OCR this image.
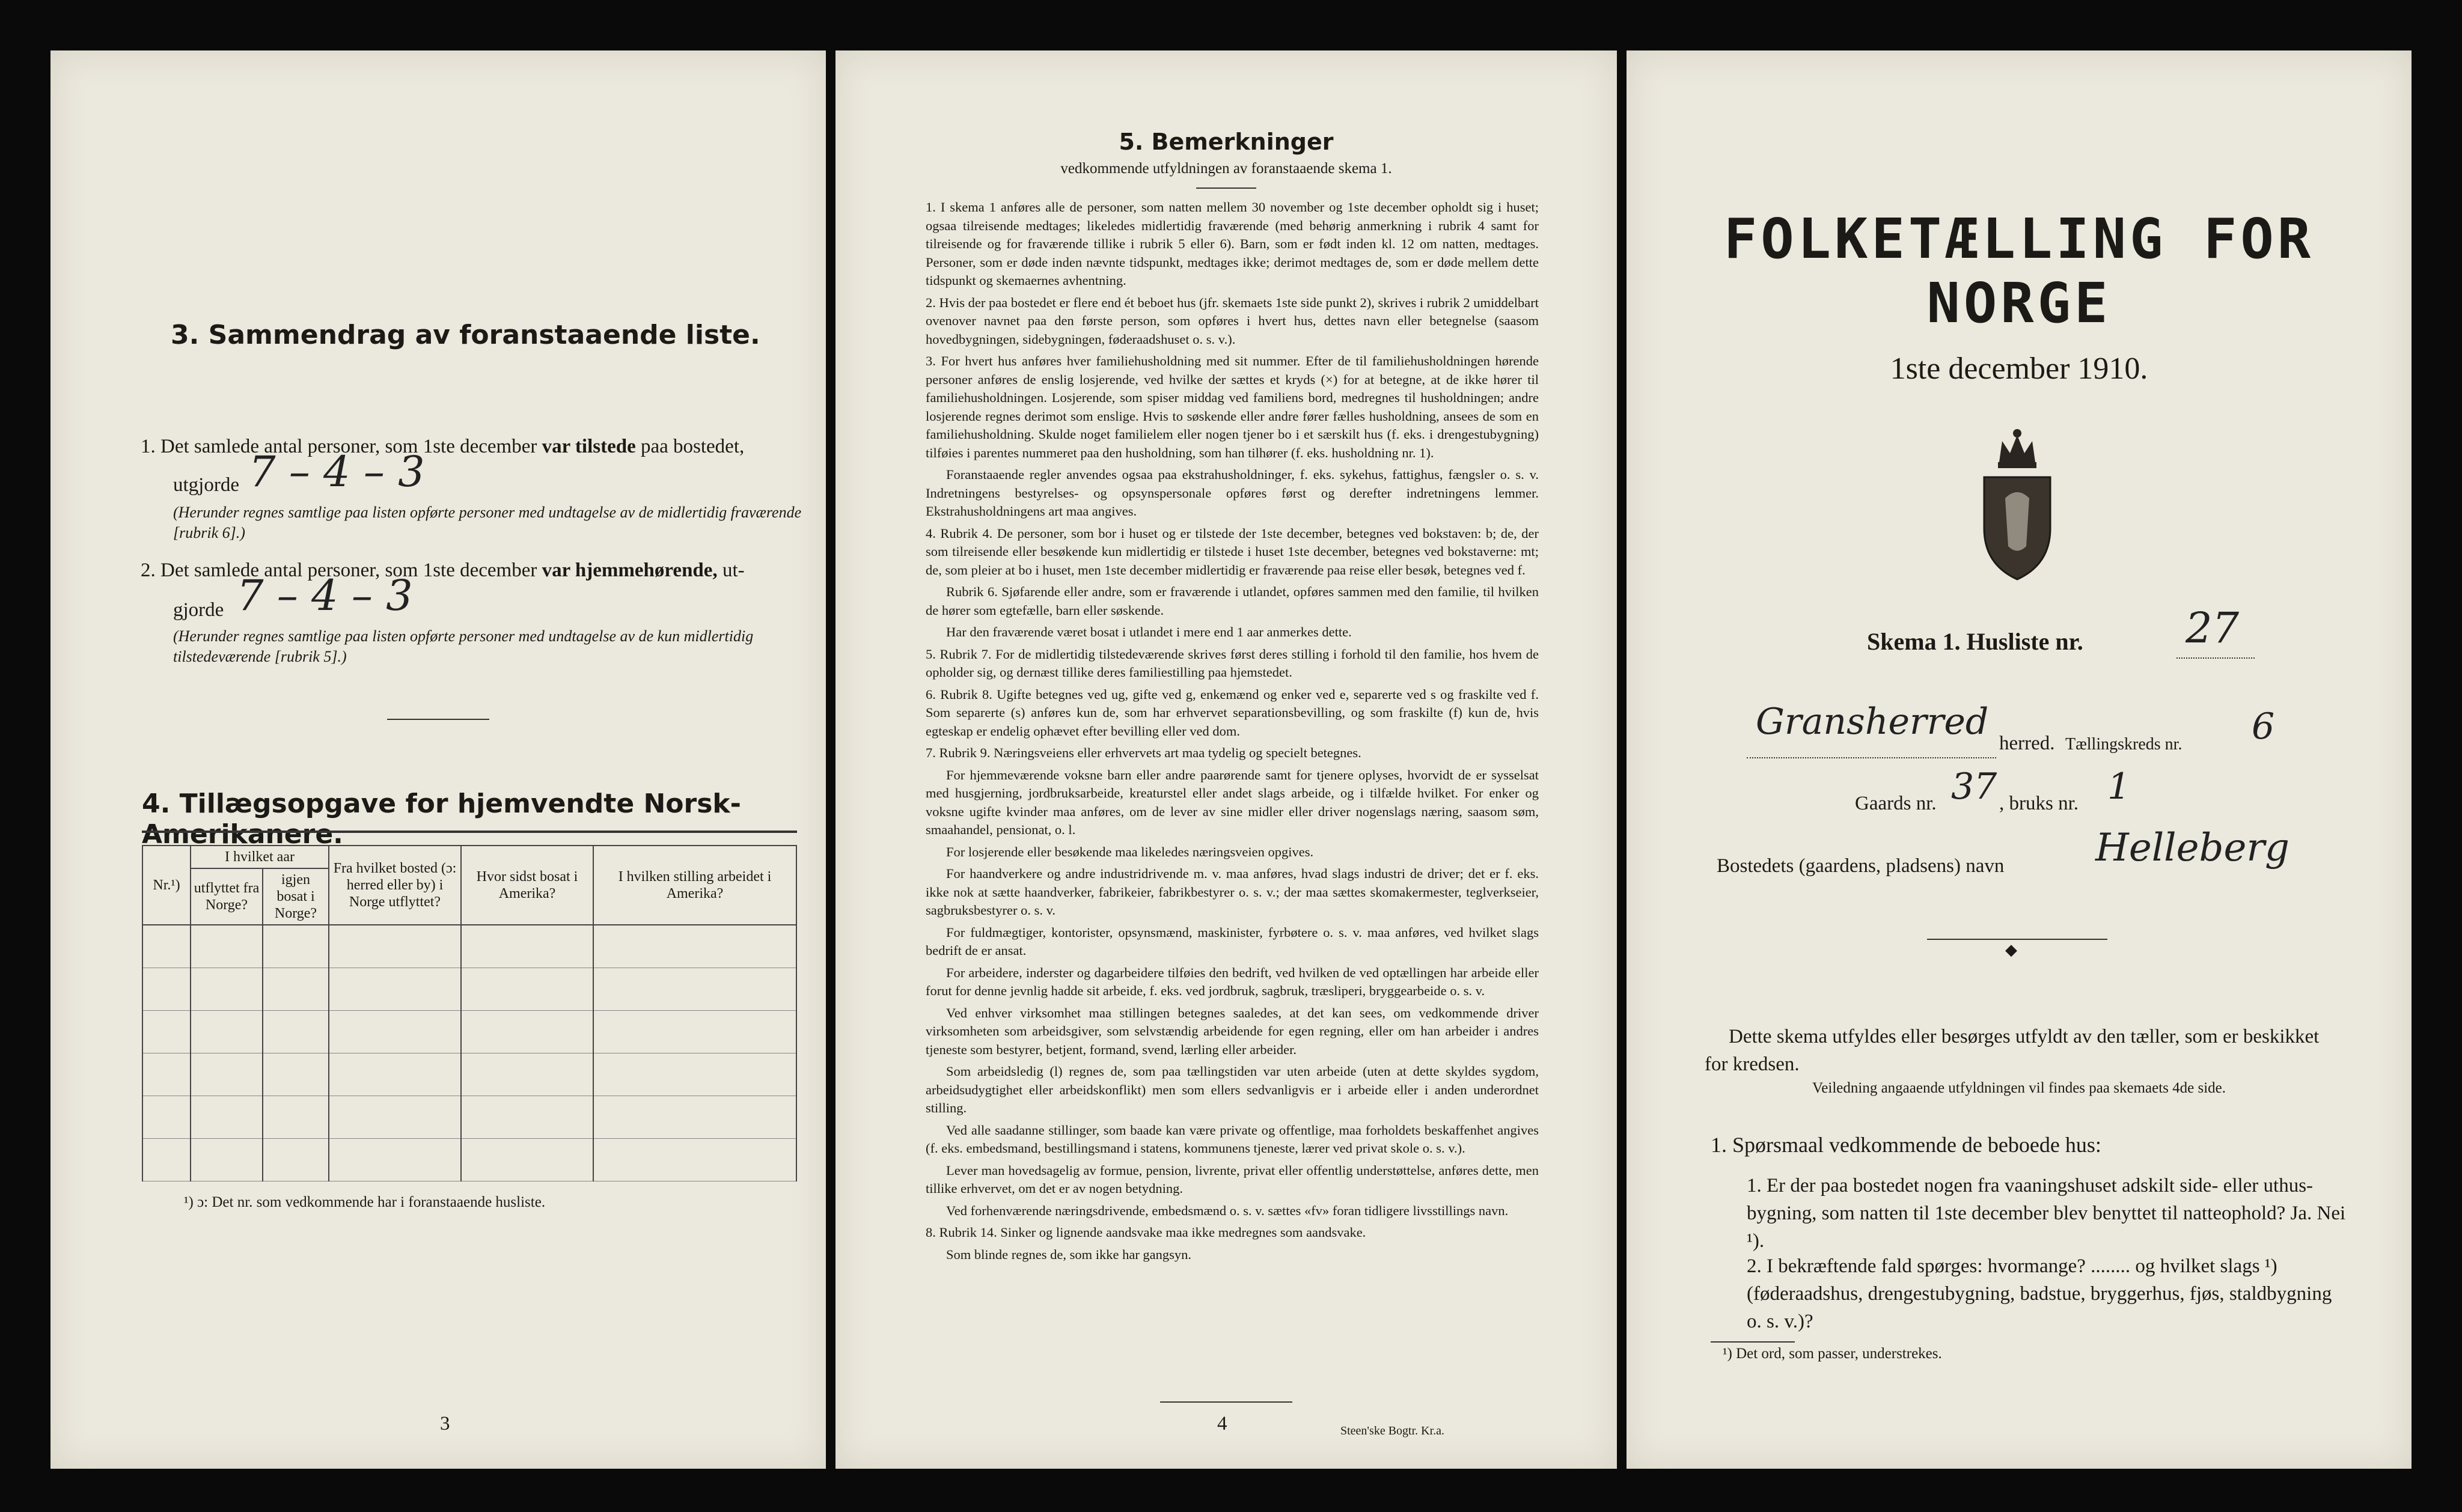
3. Sammendrag av foranstaaende liste.
1. Det samlede antal personer, som 1ste december var tilstede paa bostedet,
utgjorde 7 – 4 – 3
(Herunder regnes samtlige paa listen opførte personer med undtagelse av de midlertidig fraværende [rubrik 6].)
2. Det samlede antal personer, som 1ste december var hjemmehørende, ut-
gjorde 7 – 4 – 3
(Herunder regnes samtlige paa listen opførte personer med undtagelse av de kun midlertidig tilstedeværende [rubrik 5].)
4. Tillægsopgave for hjemvendte Norsk-Amerikanere.
Nr.¹)	I hvilket aar		Fra hvilket bosted (ɔ: herred eller by) i Norge utflyttet?	Hvor sidst bosat i Amerika?	I hvilken stilling arbeidet i Amerika?
	utflyttet fra Norge?	igjen bosat i Norge?			

¹) ɔ: Det nr. som vedkommende har i foranstaaende husliste.
3
5. Bemerkninger
vedkommende utfyldningen av foranstaaende skema 1.

1. I skema 1 anføres alle de personer, som natten mellem 30 november og 1ste december opholdt sig i huset; ogsaa tilreisende medtages; likeledes midlertidig fraværende (med behørig anmerkning i rubrik 4 samt for tilreisende og for fraværende tillike i rubrik 5 eller 6). Barn, som er født inden kl. 12 om natten, medtages. Personer, som er døde inden nævnte tidspunkt, medtages ikke; derimot medtages de, som er døde mellem dette tidspunkt og skemaernes avhentning.

2. Hvis der paa bostedet er flere end ét beboet hus (jfr. skemaets 1ste side punkt 2), skrives i rubrik 2 umiddelbart ovenover navnet paa den første person, som opføres i hvert hus, dettes navn eller betegnelse (saasom hovedbygningen, sidebygningen, føderaadshuset o. s. v.).

3. For hvert hus anføres hver familiehusholdning med sit nummer. Efter de til familiehusholdningen hørende personer anføres de enslig losjerende, ved hvilke der sættes et kryds (×) for at betegne, at de ikke hører til familiehusholdningen. Losjerende, som spiser middag ved familiens bord, medregnes til husholdningen; andre losjerende regnes derimot som enslige. Hvis to søskende eller andre fører fælles husholdning, ansees de som en familiehusholdning. Skulde noget familielem eller nogen tjener bo i et særskilt hus (f. eks. i drengestubygning) tilføies i parentes nummeret paa den husholdning, som han tilhører (f. eks. husholdning nr. 1).

Foranstaaende regler anvendes ogsaa paa ekstrahusholdninger, f. eks. sykehus, fattighus, fængsler o. s. v. Indretningens bestyrelses- og opsynspersonale opføres først og derefter indretningens lemmer. Ekstrahusholdningens art maa angives.

4. Rubrik 4. De personer, som bor i huset og er tilstede der 1ste december, betegnes ved bokstaven: b; de, der som tilreisende eller besøkende kun midlertidig er tilstede i huset 1ste december, betegnes ved bokstaverne: mt; de, som pleier at bo i huset, men 1ste december midlertidig er fraværende paa reise eller besøk, betegnes ved f.

Rubrik 6. Sjøfarende eller andre, som er fraværende i utlandet, opføres sammen med den familie, til hvilken de hører som egtefælle, barn eller søskende.

Har den fraværende været bosat i utlandet i mere end 1 aar anmerkes dette.

5. Rubrik 7. For de midlertidig tilstedeværende skrives først deres stilling i forhold til den familie, hos hvem de opholder sig, og dernæst tillike deres familiestilling paa hjemstedet.

6. Rubrik 8. Ugifte betegnes ved ug, gifte ved g, enkemænd og enker ved e, separerte ved s og fraskilte ved f. Som separerte (s) anføres kun de, som har erhvervet separationsbevilling, og som fraskilte (f) kun de, hvis egteskap er endelig ophævet efter bevilling eller ved dom.

7. Rubrik 9. Næringsveiens eller erhvervets art maa tydelig og specielt betegnes.

For hjemmeværende voksne barn eller andre paarørende samt for tjenere oplyses, hvorvidt de er sysselsat med husgjerning, jordbruksarbeide, kreaturstel eller andet slags arbeide, og i tilfælde hvilket. For enker og voksne ugifte kvinder maa anføres, om de lever av sine midler eller driver nogenslags næring, saasom søm, smaahandel, pensionat, o. l.

For losjerende eller besøkende maa likeledes næringsveien opgives.

For haandverkere og andre industridrivende m. v. maa anføres, hvad slags industri de driver; det er f. eks. ikke nok at sætte haandverker, fabrikeier, fabrikbestyrer o. s. v.; der maa sættes skomakermester, teglverkseier, sagbruksbestyrer o. s. v.

For fuldmægtiger, kontorister, opsynsmænd, maskinister, fyrbøtere o. s. v. maa anføres, ved hvilket slags bedrift de er ansat.

For arbeidere, inderster og dagarbeidere tilføies den bedrift, ved hvilken de ved optællingen har arbeide eller forut for denne jevnlig hadde sit arbeide, f. eks. ved jordbruk, sagbruk, træsliperi, bryggearbeide o. s. v.

Ved enhver virksomhet maa stillingen betegnes saaledes, at det kan sees, om vedkommende driver virksomheten som arbeidsgiver, som selvstændig arbeidende for egen regning, eller om han arbeider i andres tjeneste som bestyrer, betjent, formand, svend, lærling eller arbeider.

Som arbeidsledig (l) regnes de, som paa tællingstiden var uten arbeide (uten at dette skyldes sygdom, arbeidsudygtighet eller arbeidskonflikt) men som ellers sedvanligvis er i arbeide eller i anden underordnet stilling.

Ved alle saadanne stillinger, som baade kan være private og offentlige, maa forholdets beskaffenhet angives (f. eks. embedsmand, bestillingsmand i statens, kommunens tjeneste, lærer ved privat skole o. s. v.).

Lever man hovedsagelig av formue, pension, livrente, privat eller offentlig understøttelse, anføres dette, men tillike erhvervet, om det er av nogen betydning.

Ved forhenværende næringsdrivende, embedsmænd o. s. v. sættes «fv» foran tidligere livsstillings navn.

8. Rubrik 14. Sinker og lignende aandsvake maa ikke medregnes som aandsvake.

Som blinde regnes de, som ikke har gangsyn.

4	Steen'ske Bogtr. Kr.a.
FOLKETÆLLING FOR NORGE
1ste december 1910.
Skema 1. Husliste nr. 27
Gransherred
herred. Tællingskreds nr. 6
Gaards nr. 37 , bruks nr. 1
Bostedets (gaardens, pladsens) navn Helleberg
◆
Dette skema utfyldes eller besørges utfyldt av den tæller, som er beskikket for kredsen.
Veiledning angaaende utfyldningen vil findes paa skemaets 4de side.
1. Spørsmaal vedkommende de beboede hus:
1. Er der paa bostedet nogen fra vaaningshuset adskilt side- eller uthus-bygning, som natten til 1ste december blev benyttet til natteophold? Ja. Nei ¹).
2. I bekræftende fald spørges: hvormange? ........ og hvilket slags ¹) (føderaadshus, drengestubygning, badstue, bryggerhus, fjøs, staldbygning o. s. v.)?
¹) Det ord, som passer, understrekes.
